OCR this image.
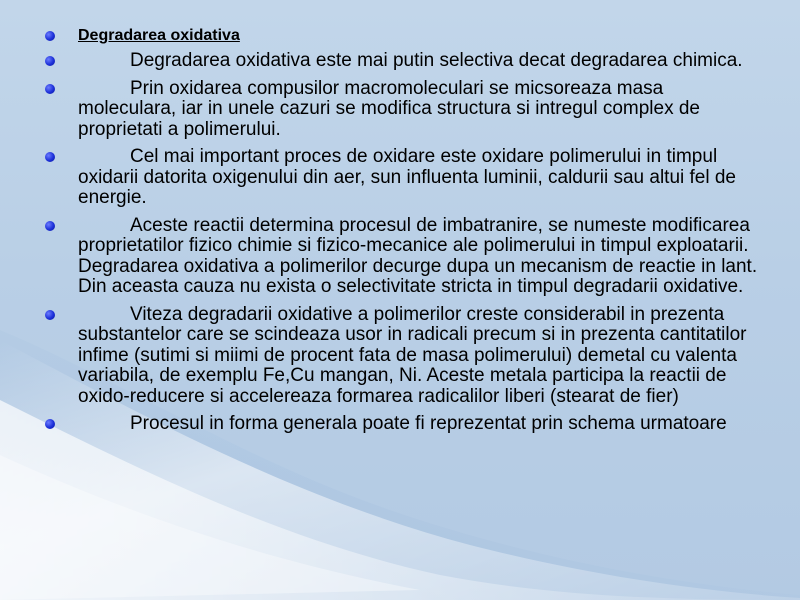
Degradarea oxidativa
Degradarea oxidativa este mai putin selectiva decat degradarea chimica.
Prin oxidarea compusilor macromoleculari se micsoreaza masa moleculara, iar in unele cazuri se modifica structura si intregul complex de proprietati a polimerului.
Cel mai important proces de oxidare este oxidare polimerului in timpul oxidarii datorita oxigenului din aer, sun influenta luminii, caldurii sau altui fel de energie.
Aceste reactii determina procesul de imbatranire, se numeste modificarea proprietatilor fizico chimie si fizico-mecanice ale polimerului in timpul exploatarii. Degradarea oxidativa a polimerilor decurge dupa un mecanism de reactie in lant. Din aceasta cauza nu exista o selectivitate stricta in timpul degradarii oxidative.
Viteza degradarii oxidative a polimerilor creste considerabil in prezenta substantelor care se scindeaza usor in radicali precum si in prezenta cantitatilor infime (sutimi si miimi de procent fata de masa polimerului) demetal cu valenta variabila, de exemplu Fe,Cu mangan, Ni. Aceste metala participa la reactii de oxido-reducere si accelereaza formarea radicalilor liberi (stearat de fier)
Procesul in forma generala poate fi reprezentat prin schema urmatoare
